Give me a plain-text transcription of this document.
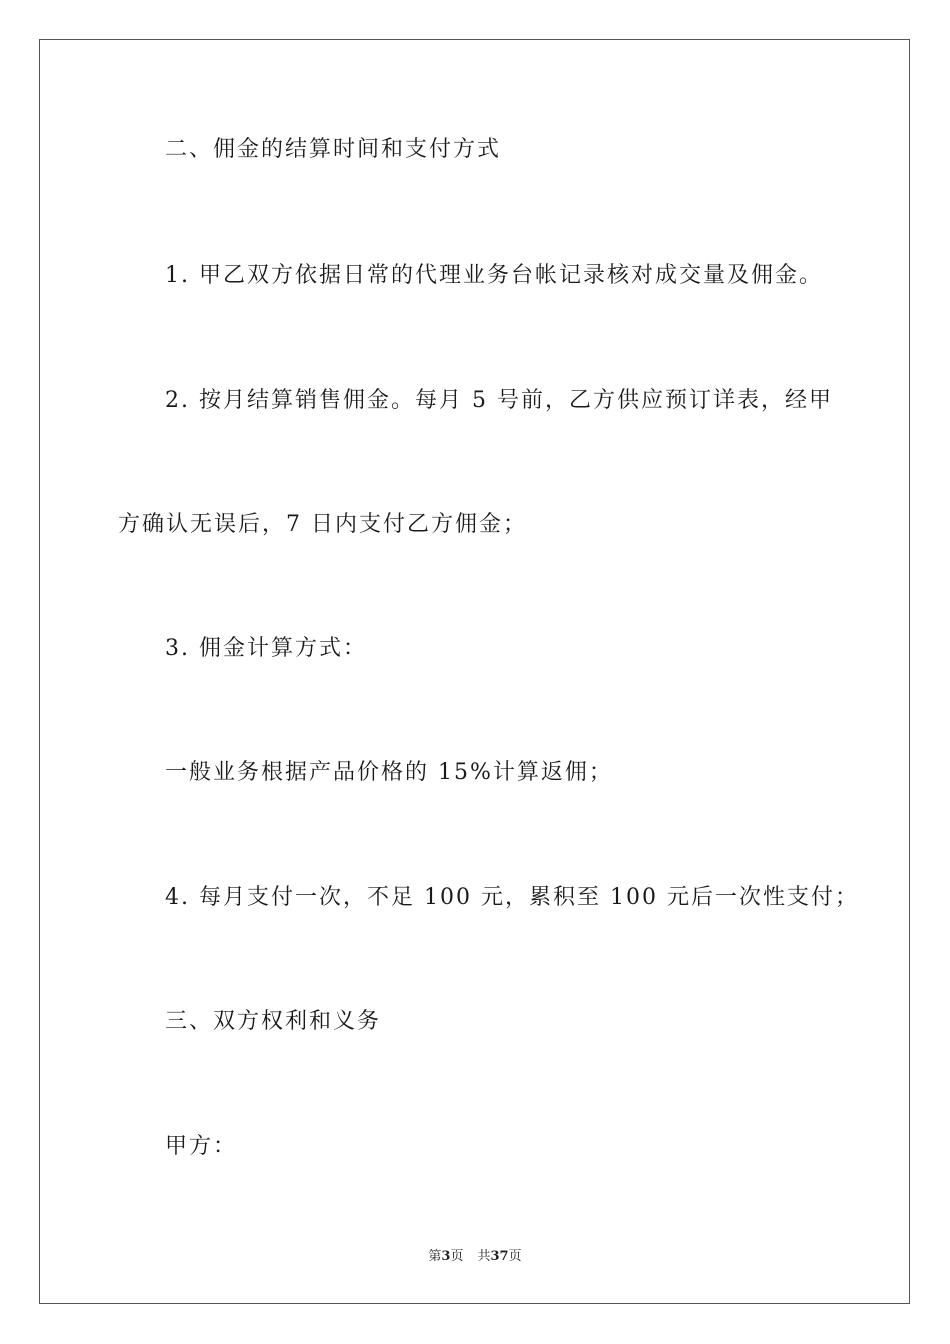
二、佣金的结算时间和支付方式
1. 甲乙双方依据日常的代理业务台帐记录核对成交量及佣金。
2. 按月结算销售佣金。每月 5 号前，乙方供应预订详表，经甲
方确认无误后，7 日内支付乙方佣金；
3. 佣金计算方式：
一般业务根据产品价格的 15%计算返佣；
4. 每月支付一次，不足 100 元，累积至 100 元后一次性支付；
三、双方权利和义务
甲方：
第3页 共37页
